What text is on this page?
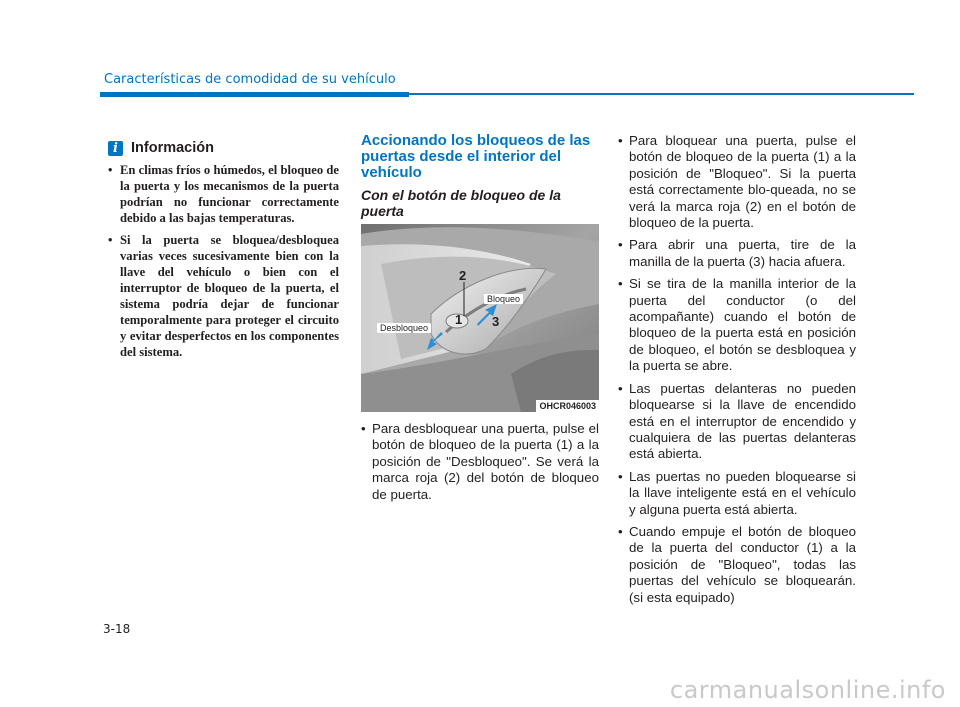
Características de comodidad de su vehículo
i Información
• En climas fríos o húmedos, el bloqueo de la puerta y los mecanismos de la puerta podrían no funcionar correctamente debido a las bajas temperaturas.
• Si la puerta se bloquea/desbloquea varias veces sucesivamente bien con la llave del vehículo o bien con el interruptor de bloqueo de la puerta, el sistema podría dejar de funcionar temporalmente para proteger el circuito y evitar desperfectos en los componentes del sistema.
Accionando los bloqueos de las puertas desde el interior del vehículo
Con el botón de bloqueo de la puerta
2
1 3
Bloqueo
Desbloqueo
OHCR046003
• Para desbloquear una puerta, pulse el botón de bloqueo de la puerta (1) a la posición de "Desbloqueo". Se verá la marca roja (2) del botón de bloqueo de puerta.
• Para bloquear una puerta, pulse el botón de bloqueo de la puerta (1) a la posición de "Bloqueo". Si la puerta está correctamente blo-queada, no se verá la marca roja (2) en el botón de bloqueo de la puerta.
• Para abrir una puerta, tire de la manilla de la puerta (3) hacia afuera.
• Si se tira de la manilla interior de la puerta del conductor (o del acompañante) cuando el botón de bloqueo de la puerta está en posición de bloqueo, el botón se desbloquea y la puerta se abre.
• Las puertas delanteras no pueden bloquearse si la llave de encendido está en el interruptor de encendido y cualquiera de las puertas delanteras está abierta.
• Las puertas no pueden bloquearse si la llave inteligente está en el vehículo y alguna puerta está abierta.
• Cuando empuje el botón de bloqueo de la puerta del conductor (1) a la posición de "Bloqueo", todas las puertas del vehículo se bloquearán. (si esta equipado)
3-18
carmanualsonline.info
